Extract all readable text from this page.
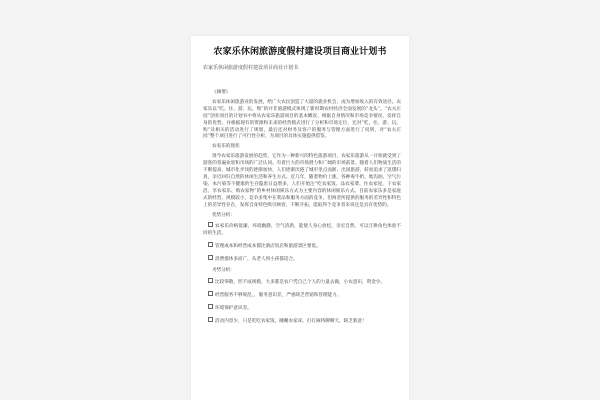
农家乐休闲旅游度假村建设项目商业计划书
农家乐休闲旅游度假村建设项目商业计划书
《摘要》

农家乐休闲旅游业的发展，给广大农民创造了大量的就业机会，成为增加收入的有效途径。农家乐以“吃、住、游、玩、购”的并非旅游模式体现了新时期农村经济全面发展的“龙头”。“农夫庄园”创业项目的计划书中将从农家乐旅游项目的基本概况、根据自身情况和市场竞争情况，发挥自身的优势，并根据现有的资源和未来的经营模式进行了分析和市场定位，还对“吃、住、游、玩、购”及相关的活动进行了规划，最后还对财务及客户的服务与管理方面进行了说明，对“农夫庄园”整个项目进行了可行性分析，为项目的具体实施提供借鉴。

农家乐的现状

现今农家乐旅游发展的趋势，它作为一种新兴的特色旅游项目，农家乐旅游从一开始就受到了游客的普遍欢迎和市场的广泛认同。有着巨大的市场潜力和广阔的市场前景。随着人们物质生活的不断提高，城市化步伐的逐渐加快，人们逐渐厌倦了城市里点面浙、出国旅游，转而追求了返璞归真，亲近回归自然的休闲生活和养生方式。近几年，随着物价上涨，各种毒牛奶、地沟油、空气污染、本污染等不健康的生存隐患日益增多，人们开始注“吃农家饭、品农家菜、住农家屋，干农家活、享农家乐、购农家物”的乡村休闲娱乐方式为主要内容的休闲娱乐方式。目前农家乐多是家庭式的经营，规模较小，竞争多集中在菜品和服务方面的竞争，但两者所提供的服务的差异性和特色上的差异性存在，发挥自身特色吸引顾客，不断开拓，能取得个竞争者来说还是具有优势的。

优势分析：
农家乐价格低廉，环境幽静，空气清新，能使人身心放松，亲近自然，可以互换角色体验不同的生活。
管理成本和经营成本都比酒店饭店和旅游景区要低。
消费群体多而广，从老人到小孩都适合。
劣势分析：
比较零散，形不成规模，大多都是农户凭自己个人的力量去做，小农意识，资金少。
经营服务不够规范，，服务意识差，严重缺乏营销和管理能力。
环境保护意识差。
活动内容少，只是吃吃农家饭，睡睡农家床，打打麻将聊聊天，缺乏新意！
